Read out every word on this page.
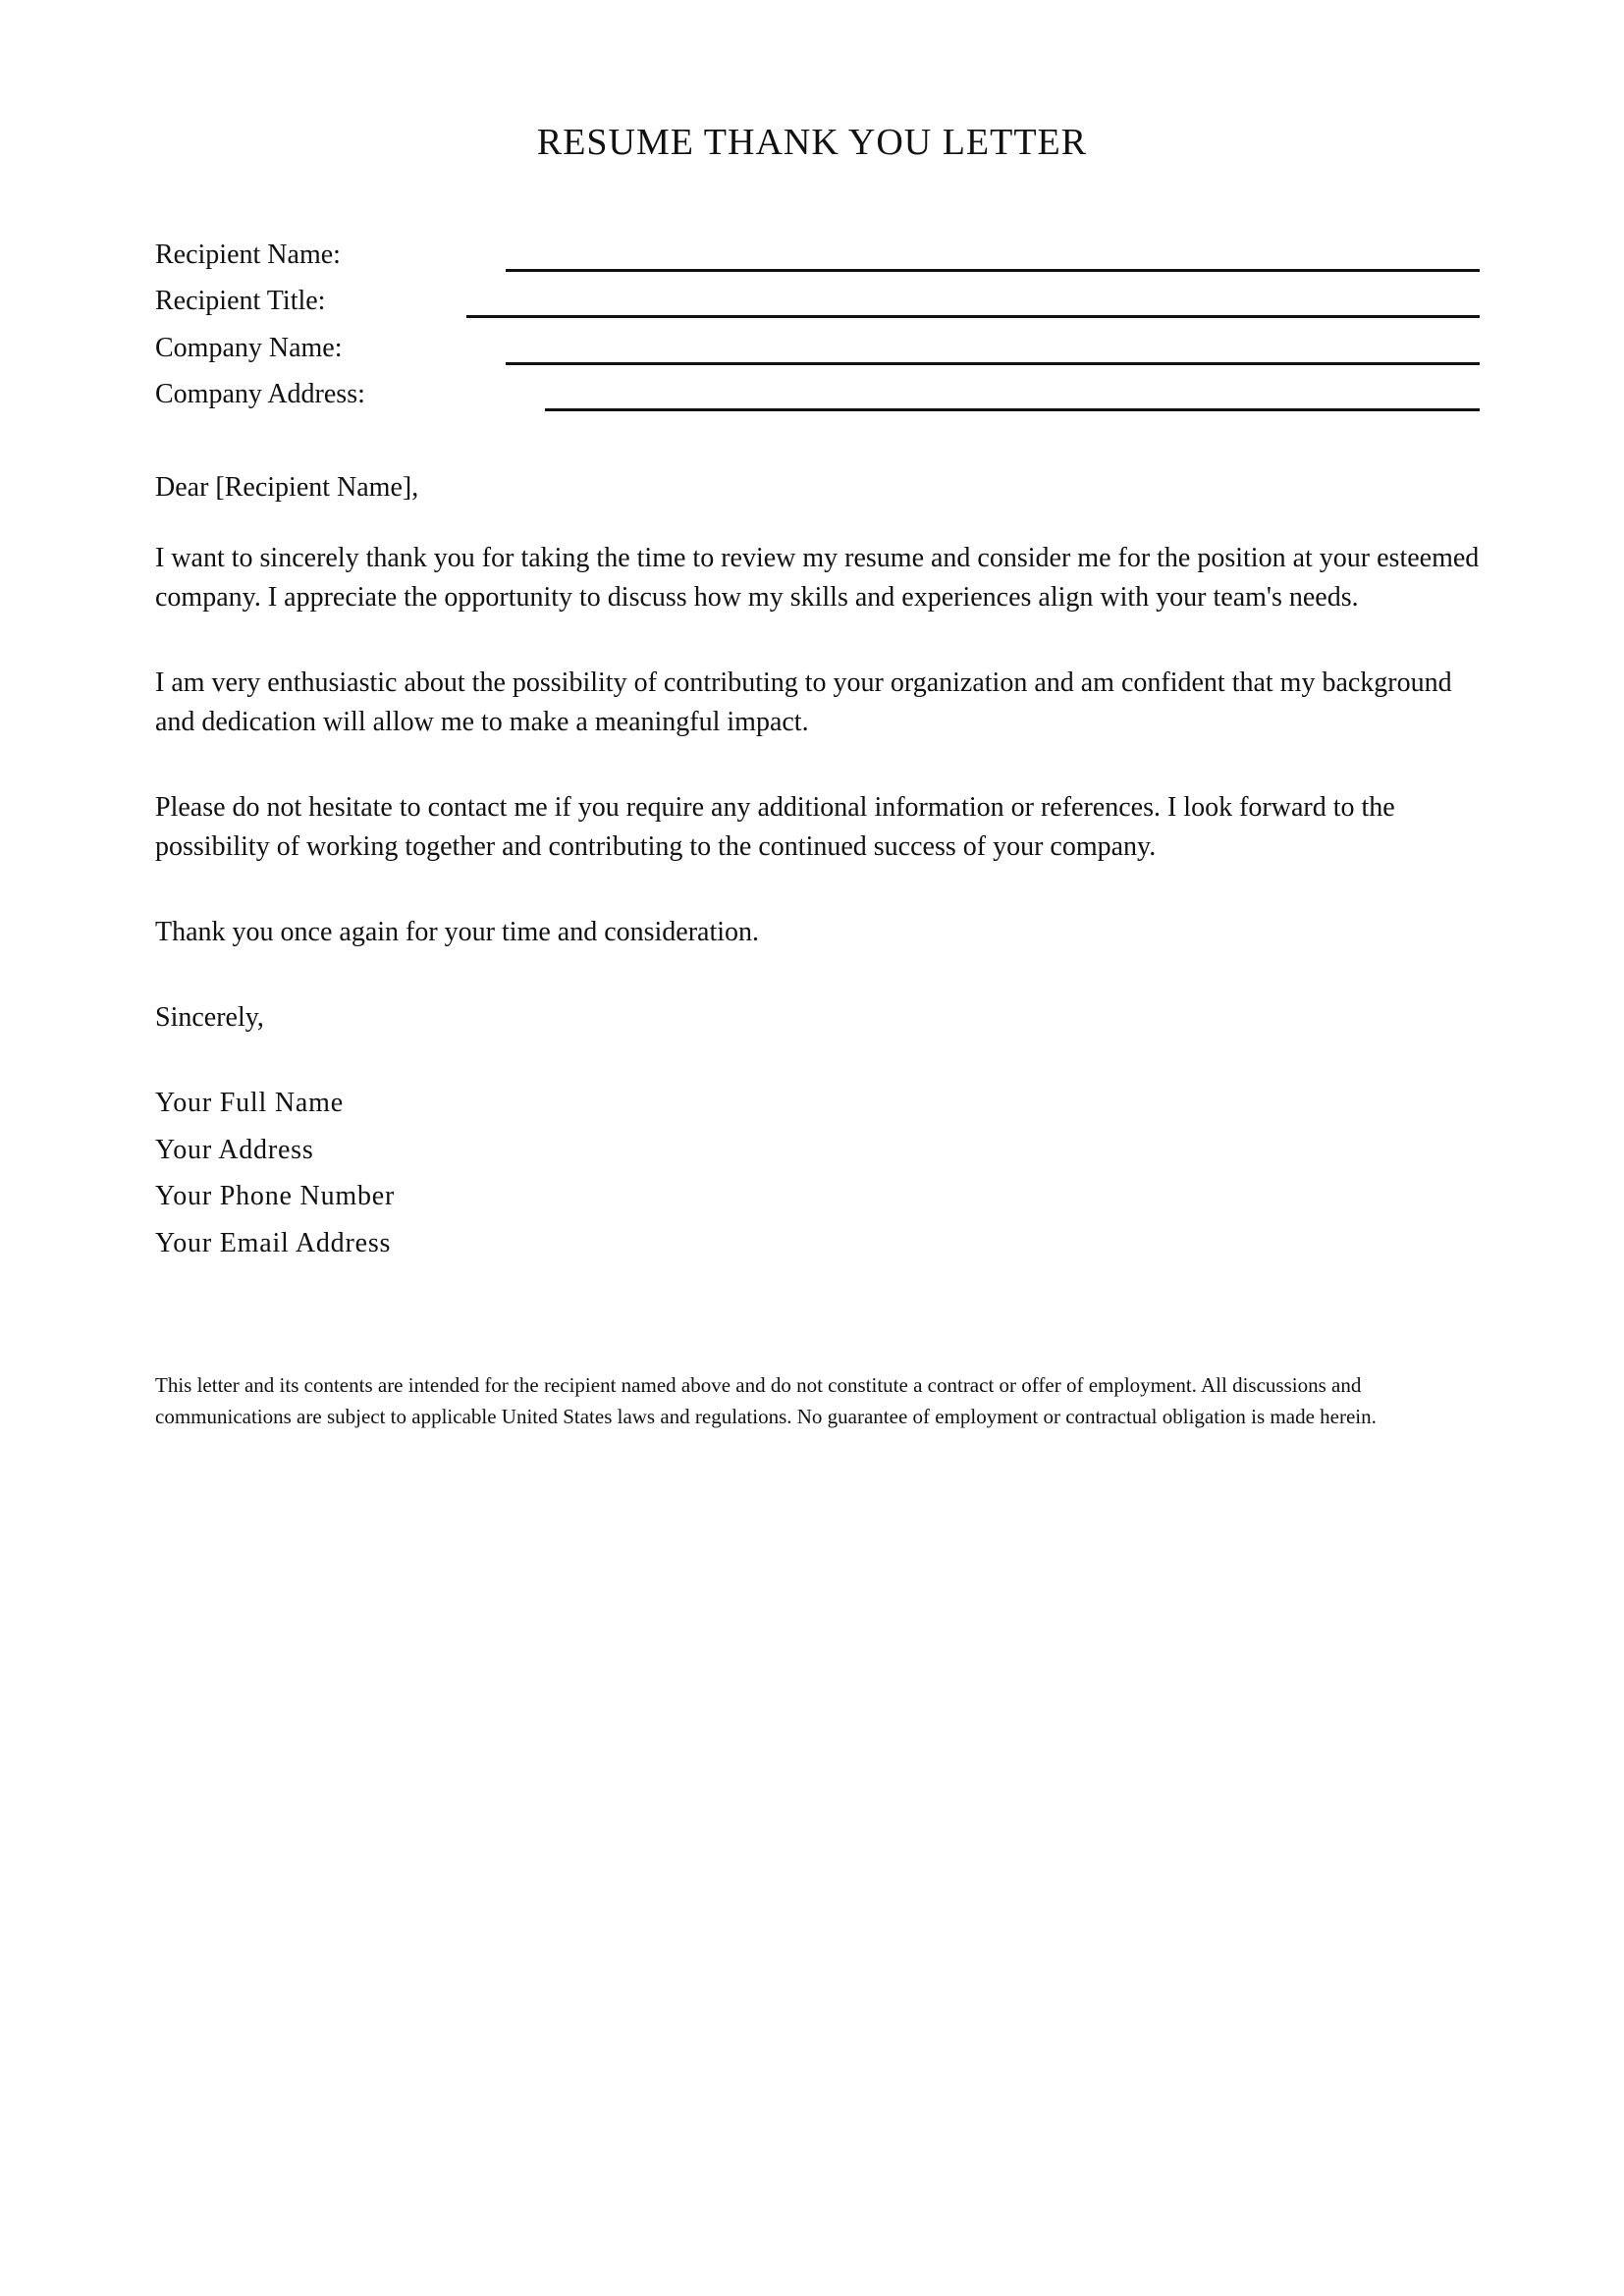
RESUME THANK YOU LETTER
Recipient Name:
Recipient Title:
Company Name:
Company Address:

Dear [Recipient Name],

I want to sincerely thank you for taking the time to review my resume and consider me for the position at your esteemed company. I appreciate the opportunity to discuss how my skills and experiences align with your team's needs.

I am very enthusiastic about the possibility of contributing to your organization and am confident that my background and dedication will allow me to make a meaningful impact.

Please do not hesitate to contact me if you require any additional information or references. I look forward to the possibility of working together and contributing to the continued success of your company.

Thank you once again for your time and consideration.

Sincerely,

Your Full Name
Your Address
Your Phone Number
Your Email Address

This letter and its contents are intended for the recipient named above and do not constitute a contract or offer of employment. All discussions and communications are subject to applicable United States laws and regulations. No guarantee of employment or contractual obligation is made herein.
